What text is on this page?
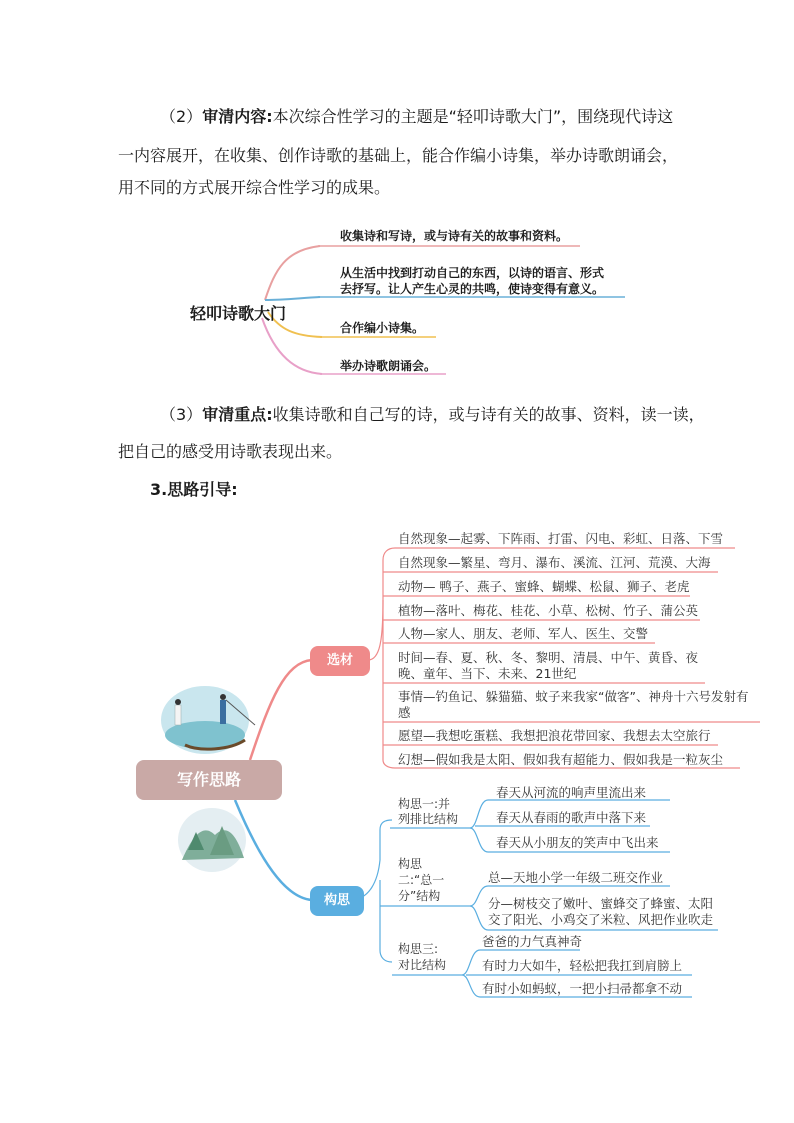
（2）审清内容:本次综合性学习的主题是“轻叩诗歌大门”，围绕现代诗这
一内容展开，在收集、创作诗歌的基础上，能合作编小诗集，举办诗歌朗诵会，
用不同的方式展开综合性学习的成果。
轻叩诗歌大门
收集诗和写诗，或与诗有关的故事和资料。
从生活中找到打动自己的东西，以诗的语言、形式
去抒写。让人产生心灵的共鸣，使诗变得有意义。
合作编小诗集。
举办诗歌朗诵会。
（3）审清重点:收集诗歌和自己写的诗，或与诗有关的故事、资料，读一读，
把自己的感受用诗歌表现出来。
3.思路引导:
写作思路
选材
构思
自然现象—起雾、下阵雨、打雷、闪电、彩虹、日落、下雪
自然现象—繁星、弯月、瀑布、溪流、江河、荒漠、大海
动物— 鸭子、燕子、蜜蜂、蝴蝶、松鼠、狮子、老虎
植物—落叶、梅花、桂花、小草、松树、竹子、蒲公英
人物—家人、朋友、老师、军人、医生、交警
时间—春、夏、秋、冬、黎明、清晨、中午、黄昏、夜
晚、童年、当下、未来、21世纪
事情—钓鱼记、躲猫猫、蚊子来我家“做客”、神舟十六号发射有
感
愿望—我想吃蛋糕、我想把浪花带回家、我想去太空旅行
幻想—假如我是太阳、假如我有超能力、假如我是一粒灰尘
构思一:并
列排比结构
春天从河流的响声里流出来
春天从春雨的歌声中落下来
春天从小朋友的笑声中飞出来
构思
二:“总一
分”结构
总—天地小学一年级二班交作业
分—树枝交了嫩叶、蜜蜂交了蜂蜜、太阳
交了阳光、小鸡交了米粒、风把作业吹走
构思三:
对比结构
爸爸的力气真神奇
有时力大如牛，轻松把我扛到肩膀上
有时小如蚂蚁，一把小扫帚都拿不动
